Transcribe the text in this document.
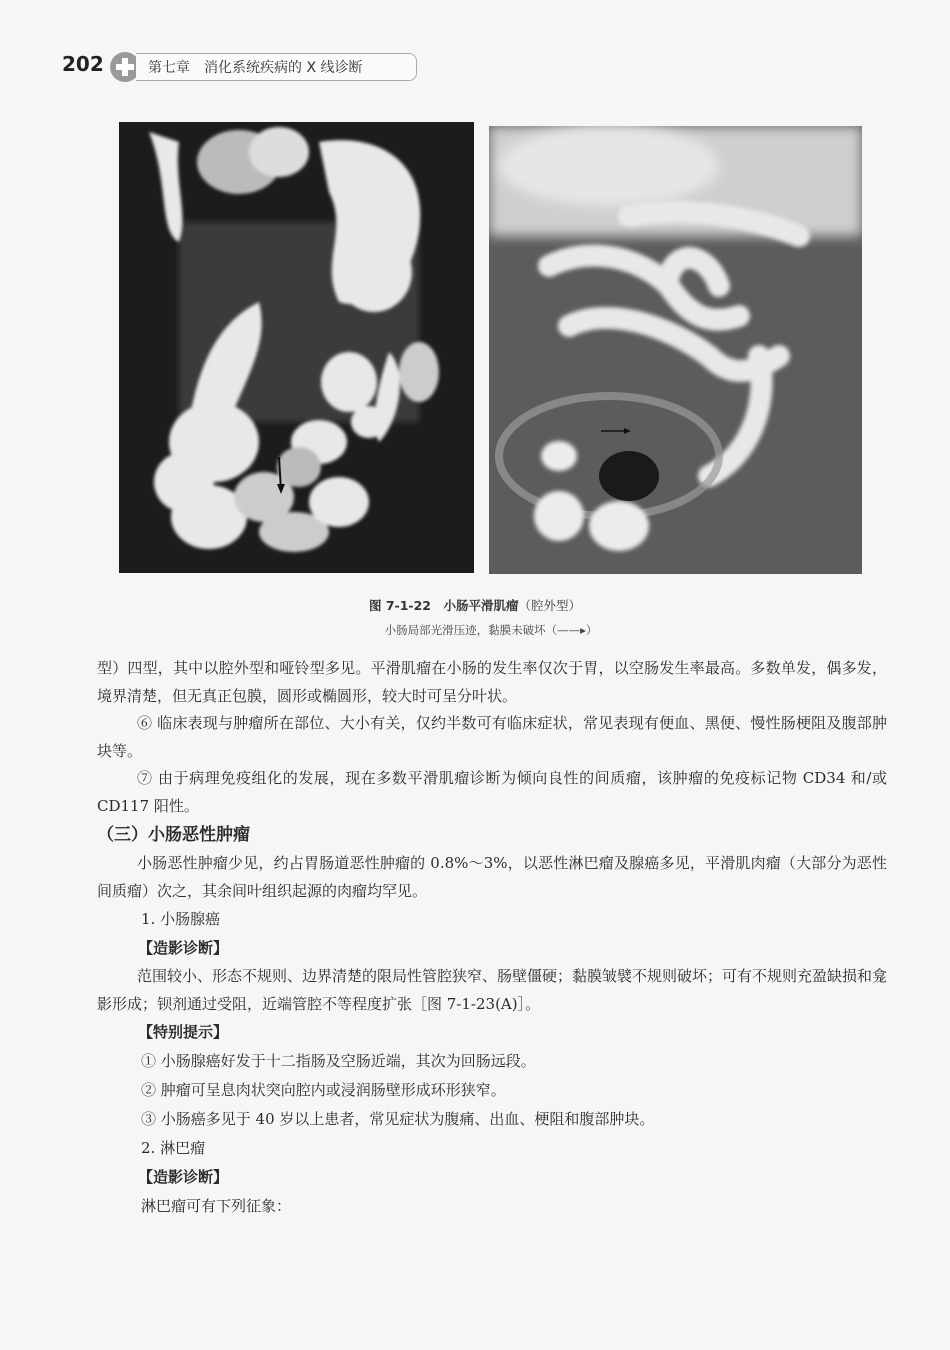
202	第七章　消化系统疾病的 X 线诊断
图 7-1-22　小肠平滑肌瘤（腔外型）
小肠局部光滑压迹，黏膜未破坏（——▸）

型）四型，其中以腔外型和哑铃型多见。平滑肌瘤在小肠的发生率仅次于胃，以空肠发生率最高。多数单发，偶多发，境界清楚，但无真正包膜，圆形或椭圆形，较大时可呈分叶状。

⑥ 临床表现与肿瘤所在部位、大小有关，仅约半数可有临床症状，常见表现有便血、黑便、慢性肠梗阻及腹部肿块等。

⑦ 由于病理免疫组化的发展，现在多数平滑肌瘤诊断为倾向良性的间质瘤，该肿瘤的免疫标记物 CD34 和/或 CD117 阳性。

（三）小肠恶性肿瘤

小肠恶性肿瘤少见，约占胃肠道恶性肿瘤的 0.8%～3%，以恶性淋巴瘤及腺癌多见，平滑肌肉瘤（大部分为恶性间质瘤）次之，其余间叶组织起源的肉瘤均罕见。

1. 小肠腺癌

【造影诊断】

范围较小、形态不规则、边界清楚的限局性管腔狭窄、肠壁僵硬；黏膜皱襞不规则破坏；可有不规则充盈缺损和龛影形成；钡剂通过受阻，近端管腔不等程度扩张［图 7-1-23(A)］。

【特别提示】

① 小肠腺癌好发于十二指肠及空肠近端，其次为回肠远段。

② 肿瘤可呈息肉状突向腔内或浸润肠壁形成环形狭窄。

③ 小肠癌多见于 40 岁以上患者，常见症状为腹痛、出血、梗阻和腹部肿块。

2. 淋巴瘤

【造影诊断】

淋巴瘤可有下列征象：
